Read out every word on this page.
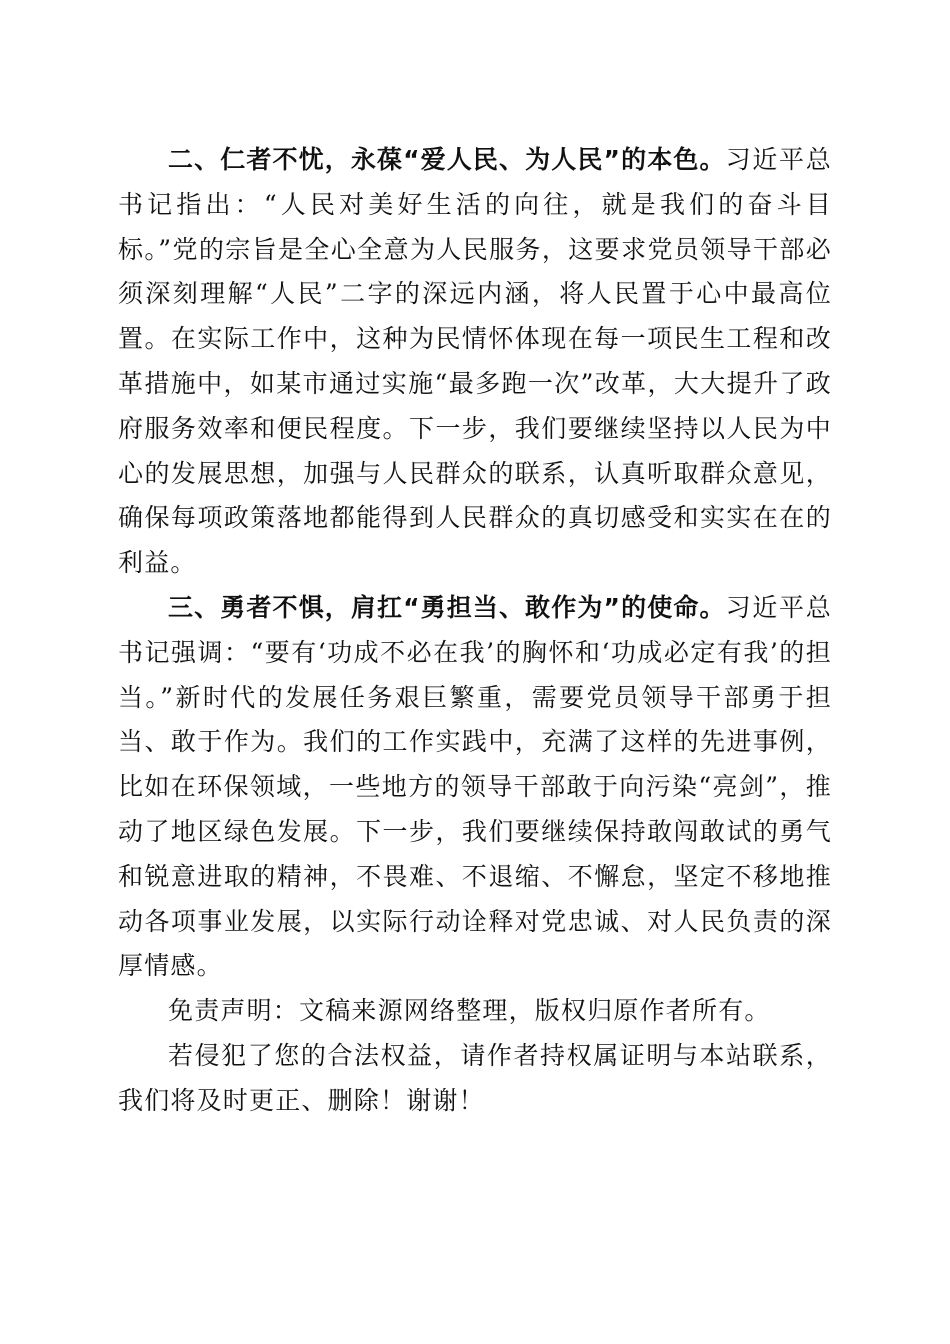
二、仁者不忧，永葆“爱人民、为人民”的本色。习近平总书记指出：“人民对美好生活的向往，就是我们的奋斗目标。”党的宗旨是全心全意为人民服务，这要求党员领导干部必须深刻理解“人民”二字的深远内涵，将人民置于心中最高位置。在实际工作中，这种为民情怀体现在每一项民生工程和改革措施中，如某市通过实施“最多跑一次”改革，大大提升了政府服务效率和便民程度。下一步，我们要继续坚持以人民为中心的发展思想，加强与人民群众的联系，认真听取群众意见，确保每项政策落地都能得到人民群众的真切感受和实实在在的利益。

三、勇者不惧，肩扛“勇担当、敢作为”的使命。习近平总书记强调：“要有‘功成不必在我’的胸怀和‘功成必定有我’的担当。”新时代的发展任务艰巨繁重，需要党员领导干部勇于担当、敢于作为。我们的工作实践中，充满了这样的先进事例，比如在环保领域，一些地方的领导干部敢于向污染“亮剑”，推动了地区绿色发展。下一步，我们要继续保持敢闯敢试的勇气和锐意进取的精神，不畏难、不退缩、不懈怠，坚定不移地推动各项事业发展，以实际行动诠释对党忠诚、对人民负责的深厚情感。

免责声明：文稿来源网络整理，版权归原作者所有。

若侵犯了您的合法权益，请作者持权属证明与本站联系，我们将及时更正、删除！谢谢！
